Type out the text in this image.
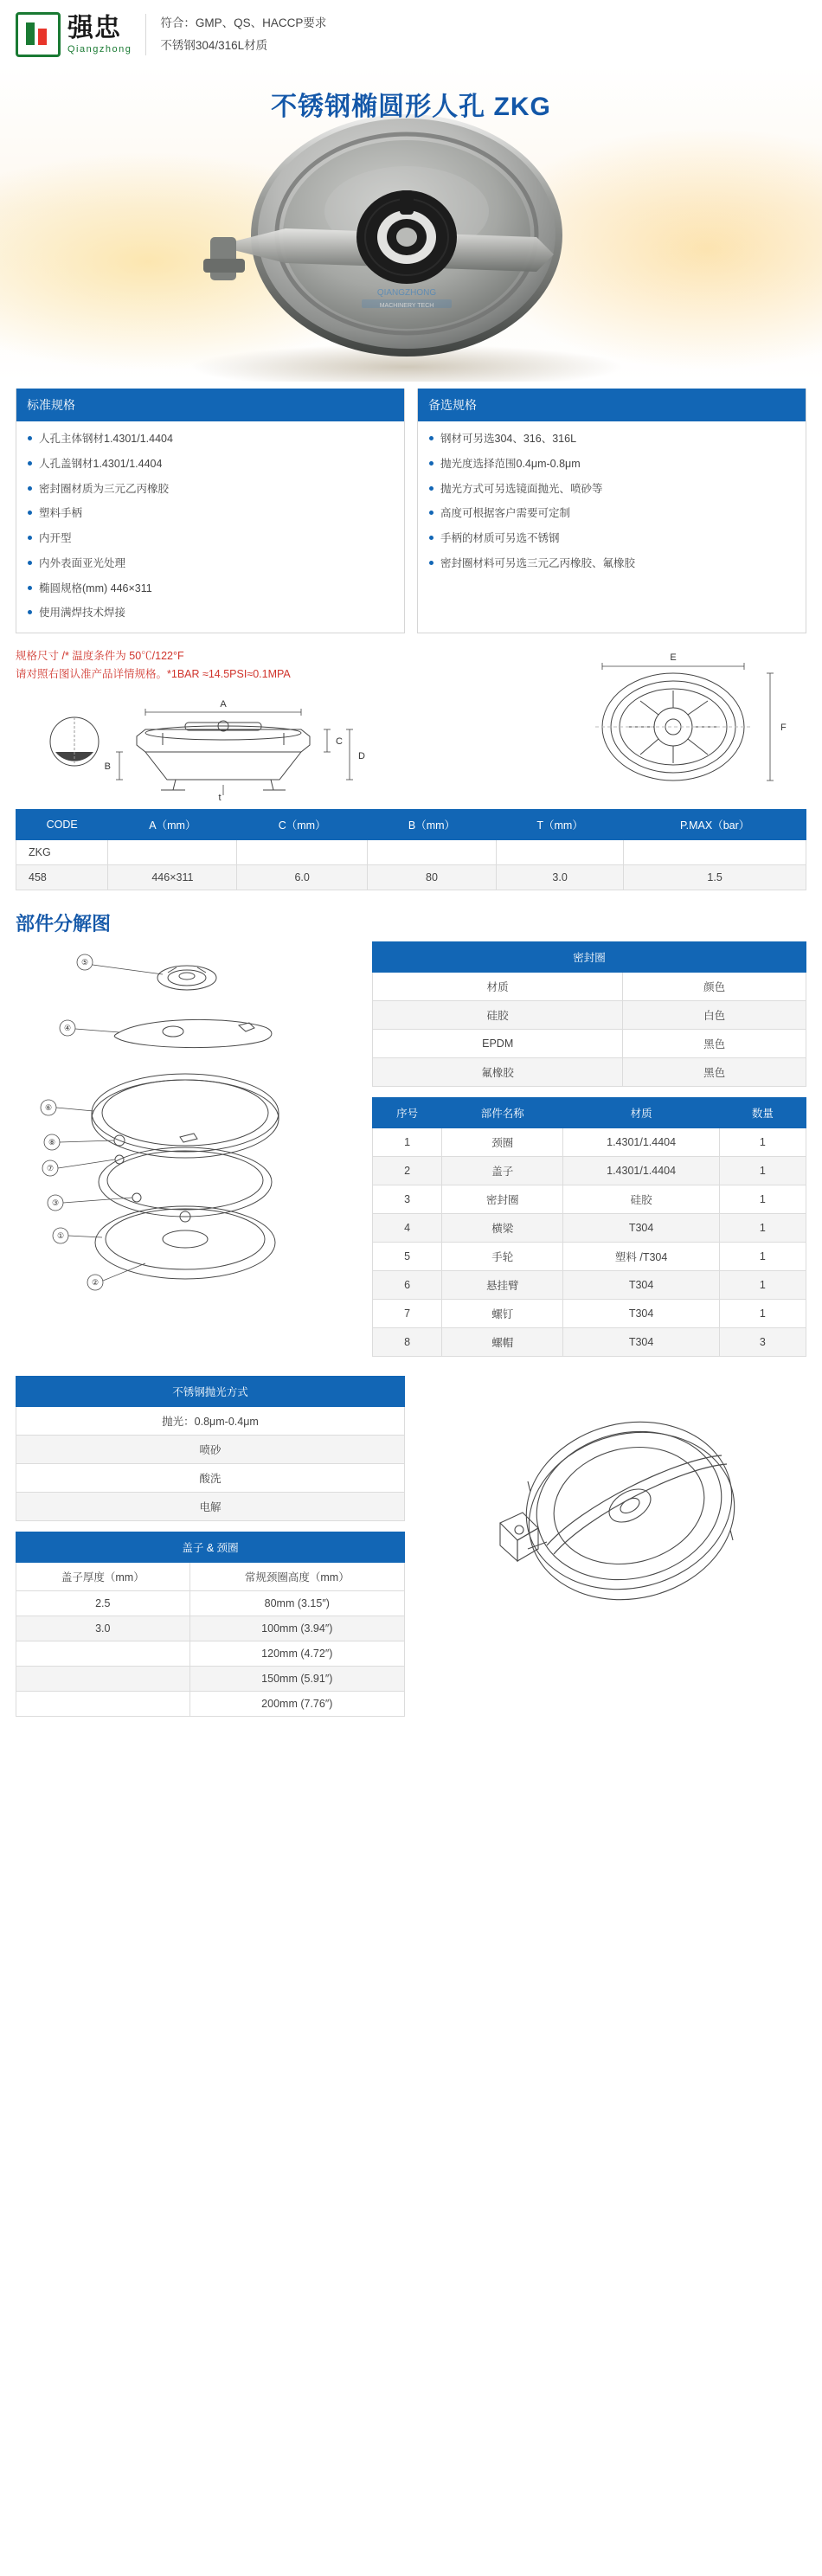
强忠
Qiangzhong
符合：GMP、QS、HACCP要求
不锈钢304/316L材质
不锈钢椭圆形人孔 ZKG
QIANGZHONG
MACHINERY TECH
标准规格
人孔主体钢材1.4301/1.4404
人孔盖钢材1.4301/1.4404
密封圈材质为三元乙丙橡胶
塑料手柄
内开型
内外表面亚光处理
椭圆规格(mm) 446×311
使用满焊技术焊接
备选规格
钢材可另选304、316、316L
抛光度选择范围0.4μm-0.8μm
抛光方式可另选镜面抛光、喷砂等
高度可根据客户需要可定制
手柄的材质可另选不锈钢
密封圈材料可另选三元乙丙橡胶、氟橡胶
规格尺寸 /* 温度条件为 50℃/122°F
请对照右图认准产品详情规格。*1BAR ≈14.5PSI≈0.1MPA
A
B
C
D
t
E
F
CODE	A（mm）	C（mm）	B（mm）	T（mm）	P.MAX（bar）
ZKG					
458	446×311	6.0	80	3.0	1.5
部件分解图
⑤
④
⑥
⑧
⑦
③
①
②
密封圈	
材质	颜色
硅胶	白色
EPDM	黑色
氟橡胶	黑色
序号	部件名称	材质	数量
1	颈圈	1.4301/1.4404	1
2	盖子	1.4301/1.4404	1
3	密封圈	硅胶	1
4	横梁	T304	1
5	手轮	塑料 /T304	1
6	悬挂臂	T304	1
7	螺钉	T304	1
8	螺帽	T304	3
不锈钢抛光方式
抛光：0.8μm-0.4μm
喷砂
酸洗
电解
盖子 & 颈圈	
盖子厚度（mm）	常规颈圈高度（mm）
2.5	80mm (3.15″)
3.0	100mm (3.94″)
	120mm (4.72″)
	150mm (5.91″)
	200mm (7.76″)
